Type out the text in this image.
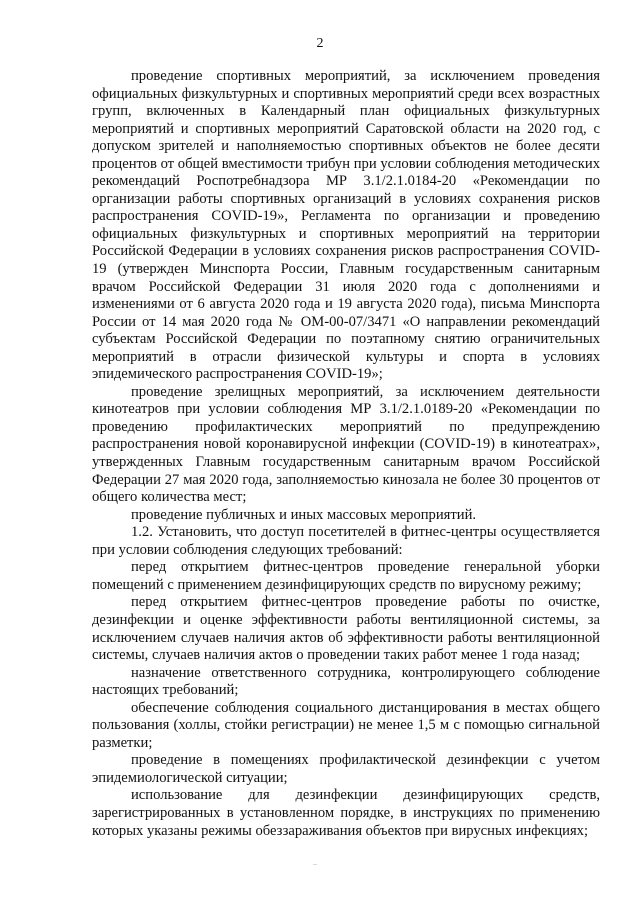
2

проведение спортивных мероприятий, за исключением проведения официальных физкультурных и спортивных мероприятий среди всех возрастных групп, включенных в Календарный план официальных физкультурных мероприятий и спортивных мероприятий Саратовской области на 2020 год, с допуском зрителей и наполняемостью спортивных объектов не более десяти процентов от общей вместимости трибун при условии соблюдения методических рекомендаций Роспотребнадзора МР 3.1/2.1.0184-20 «Рекомендации по организации работы спортивных организаций в условиях сохранения рисков распространения COVID-19», Регламента по организации и проведению официальных физкультурных и спортивных мероприятий на территории Российской Федерации в условиях сохранения рисков распространения COVID-19 (утвержден Минспорта России, Главным государственным санитарным врачом Российской Федерации 31 июля 2020 года с дополнениями и изменениями от 6 августа 2020 года и 19 августа 2020 года), письма Минспорта России от 14 мая 2020 года № ОМ-00-07/3471 «О направлении рекомендаций субъектам Российской Федерации по поэтапному снятию ограничительных мероприятий в отрасли физической культуры и спорта в условиях эпидемического распространения COVID-19»;

проведение зрелищных мероприятий, за исключением деятельности кинотеатров при условии соблюдения МР 3.1/2.1.0189-20 «Рекомендации по проведению профилактических мероприятий по предупреждению распространения новой коронавирусной инфекции (COVID-19) в кинотеатрах», утвержденных Главным государственным санитарным врачом Российской Федерации 27 мая 2020 года, заполняемостью кинозала не более 30 процентов от общего количества мест;

проведение публичных и иных массовых мероприятий.

1.2. Установить, что доступ посетителей в фитнес-центры осуществляется при условии соблюдения следующих требований:

перед открытием фитнес-центров проведение генеральной уборки помещений с применением дезинфицирующих средств по вирусному режиму;

перед открытием фитнес-центров проведение работы по очистке, дезинфекции и оценке эффективности работы вентиляционной системы, за исключением случаев наличия актов об эффективности работы вентиляционной системы, случаев наличия актов о проведении таких работ менее 1 года назад;

назначение ответственного сотрудника, контролирующего соблюдение настоящих требований;

обеспечение соблюдения социального дистанцирования в местах общего пользования (холлы, стойки регистрации) не менее 1,5 м с помощью сигнальной разметки;

проведение в помещениях профилактической дезинфекции с учетом эпидемиологической ситуации;

использование для дезинфекции дезинфицирующих средств, зарегистрированных в установленном порядке, в инструкциях по применению которых указаны режимы обеззараживания объектов при вирусных инфекциях;
